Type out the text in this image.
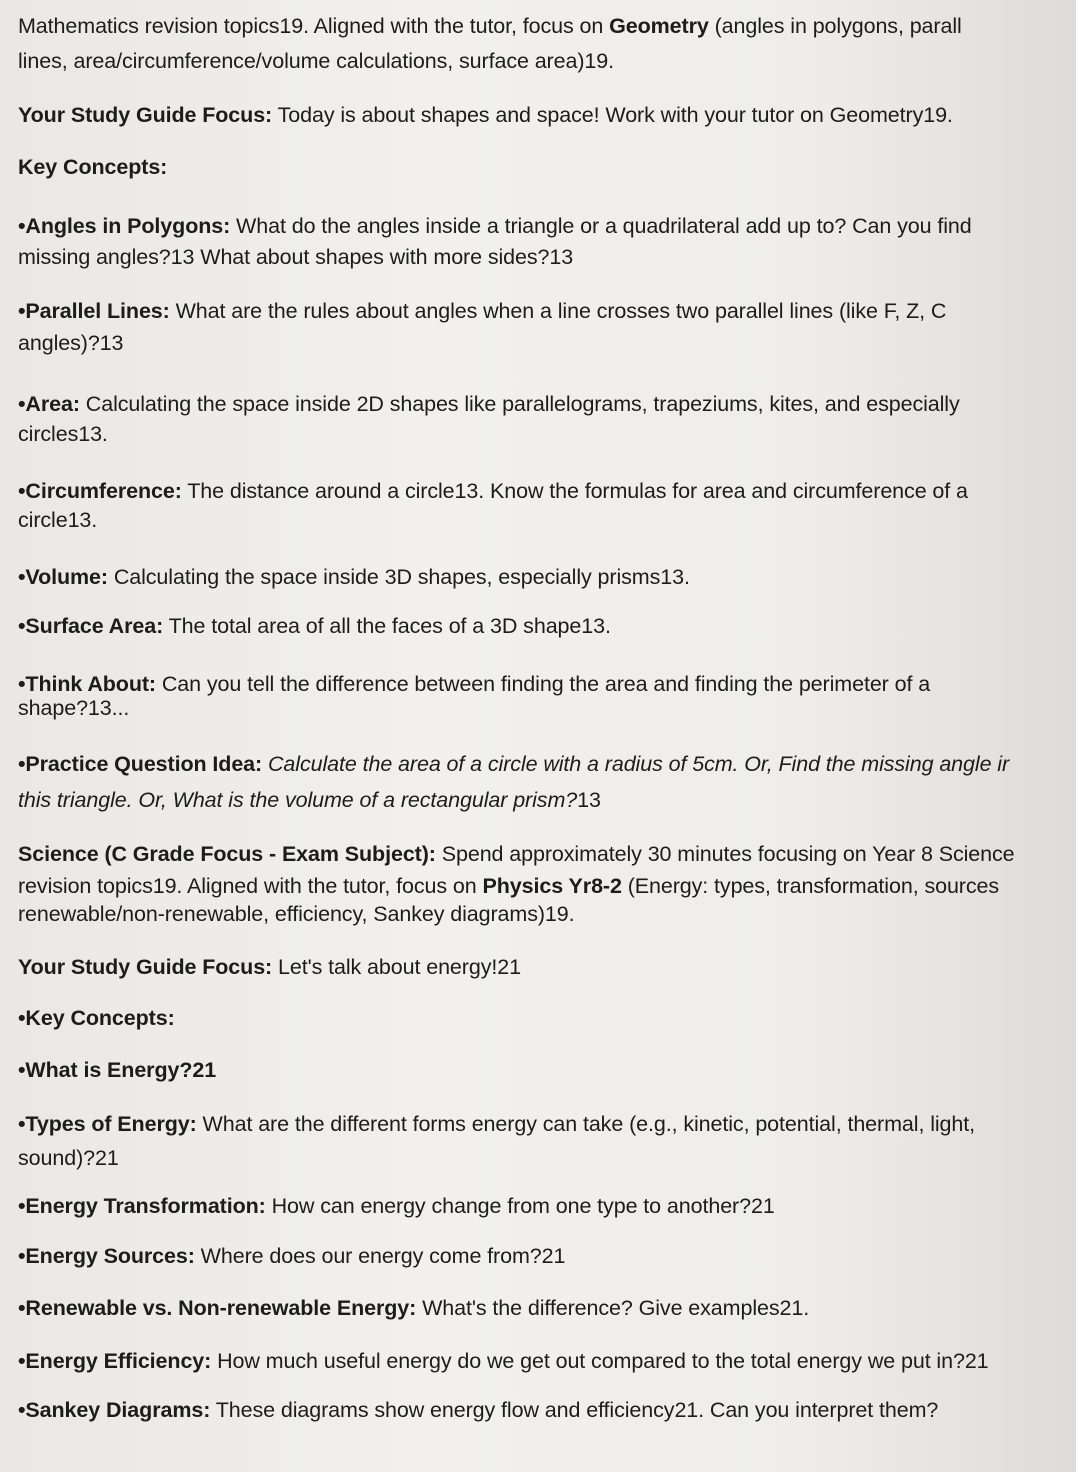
Mathematics revision topics19. Aligned with the tutor, focus on Geometry (angles in polygons, parall
lines, area/circumference/volume calculations, surface area)19.
Your Study Guide Focus: Today is about shapes and space! Work with your tutor on Geometry19.
Key Concepts:
•Angles in Polygons: What do the angles inside a triangle or a quadrilateral add up to? Can you find
missing angles?13 What about shapes with more sides?13
•Parallel Lines: What are the rules about angles when a line crosses two parallel lines (like F, Z, C
angles)?13
•Area: Calculating the space inside 2D shapes like parallelograms, trapeziums, kites, and especially
circles13.
•Circumference: The distance around a circle13. Know the formulas for area and circumference of a
circle13.
•Volume: Calculating the space inside 3D shapes, especially prisms13.
•Surface Area: The total area of all the faces of a 3D shape13.
•Think About: Can you tell the difference between finding the area and finding the perimeter of a
shape?13...
•Practice Question Idea: Calculate the area of a circle with a radius of 5cm. Or, Find the missing angle ir
this triangle. Or, What is the volume of a rectangular prism?13
Science (C Grade Focus - Exam Subject): Spend approximately 30 minutes focusing on Year 8 Science
revision topics19. Aligned with the tutor, focus on Physics Yr8-2 (Energy: types, transformation, sources
renewable/non-renewable, efficiency, Sankey diagrams)19.
Your Study Guide Focus: Let's talk about energy!21
•Key Concepts:
•What is Energy?21
•Types of Energy: What are the different forms energy can take (e.g., kinetic, potential, thermal, light,
sound)?21
•Energy Transformation: How can energy change from one type to another?21
•Energy Sources: Where does our energy come from?21
•Renewable vs. Non-renewable Energy: What's the difference? Give examples21.
•Energy Efficiency: How much useful energy do we get out compared to the total energy we put in?21
•Sankey Diagrams: These diagrams show energy flow and efficiency21. Can you interpret them?
